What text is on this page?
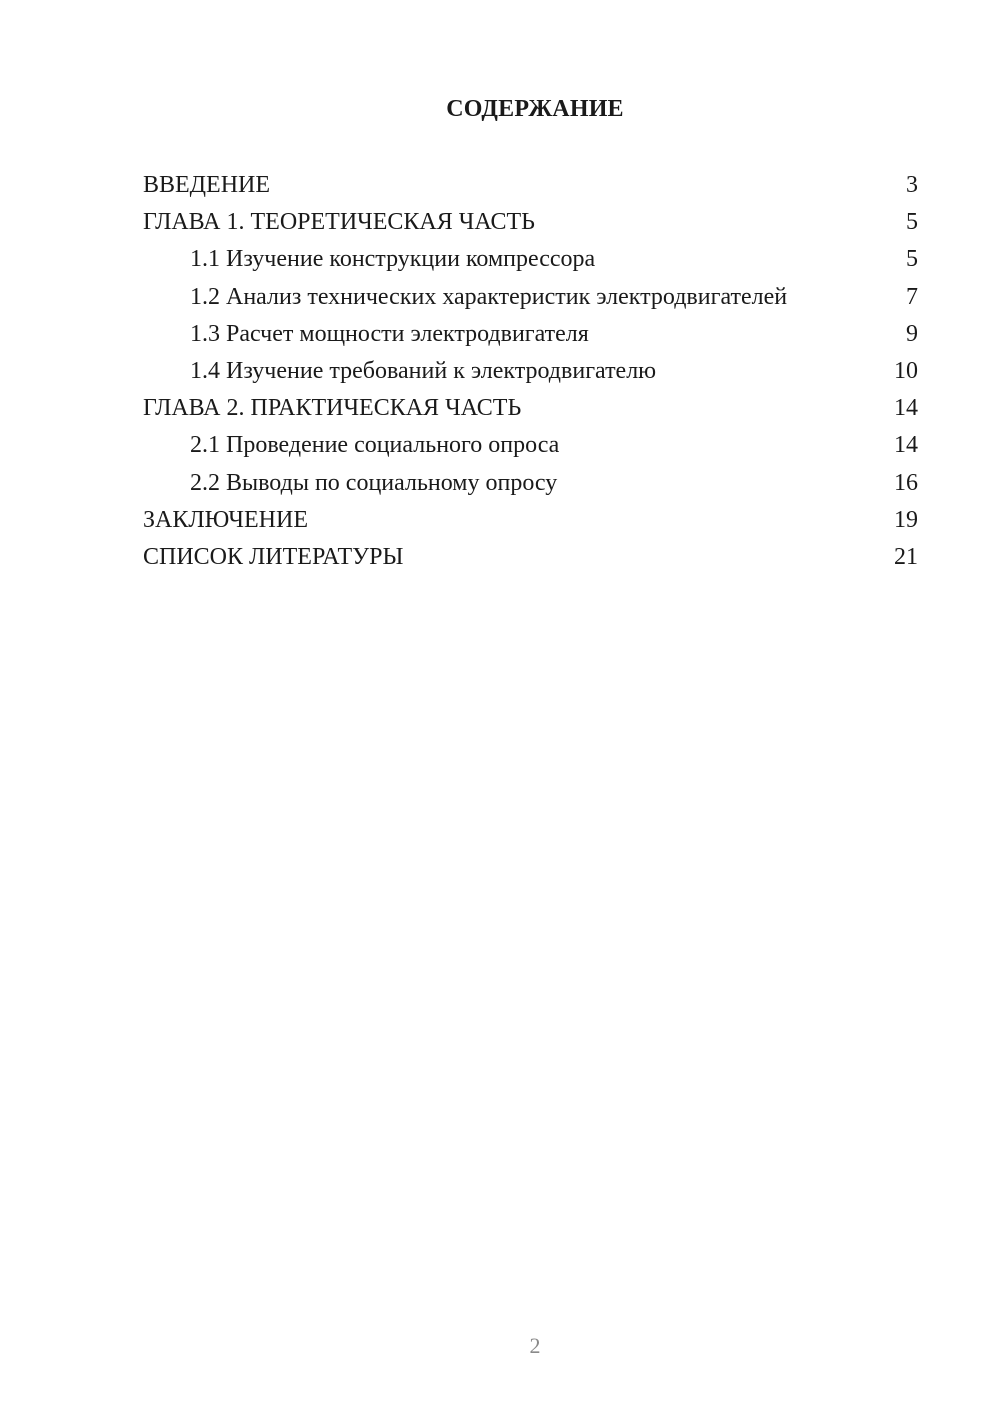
СОДЕРЖАНИЕ
ВВЕДЕНИЕ	3
ГЛАВА 1. ТЕОРЕТИЧЕСКАЯ ЧАСТЬ	5
1.1 Изучение конструкции компрессора	5
1.2 Анализ технических характеристик электродвигателей	7
1.3 Расчет мощности электродвигателя	9
1.4 Изучение требований к электродвигателю	10
ГЛАВА 2. ПРАКТИЧЕСКАЯ ЧАСТЬ	14
2.1 Проведение социального опроса	14
2.2 Выводы по социальному опросу	16
ЗАКЛЮЧЕНИЕ	19
СПИСОК ЛИТЕРАТУРЫ	21
2
